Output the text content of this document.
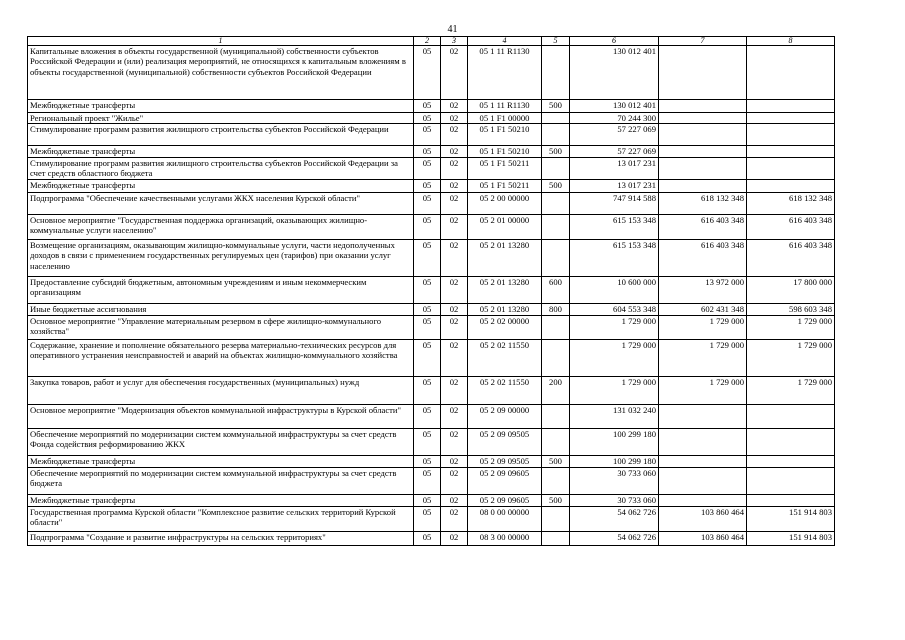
41
1	2	3	4	5	6	7	8
Капитальные вложения в объекты государственной (муниципальной) собственности субъектов Российской Федерации и (или) реализация мероприятий, не относящихся к капитальным вложениям в объекты государственной (муниципальной) собственности субъектов Российской Федерации	05	02	05 1 11 R1130		130 012 401		
Межбюджетные трансферты	05	02	05 1 11 R1130	500	130 012 401		
Региональный проект "Жилье"	05	02	05 1 F1 00000		70 244 300		
Стимулирование программ развития жилищного строительства субъектов Российской Федерации	05	02	05 1 F1 50210		57 227 069		
Межбюджетные трансферты	05	02	05 1 F1 50210	500	57 227 069		
Стимулирование программ развития жилищного строительства субъектов Российской Федерации за счет средств областного бюджета	05	02	05 1 F1 50211		13 017 231		
Межбюджетные трансферты	05	02	05 1 F1 50211	500	13 017 231		
Подпрограмма "Обеспечение качественными услугами ЖКХ населения Курской области"	05	02	05 2 00 00000		747 914 588	618 132 348	618 132 348
Основное мероприятие "Государственная поддержка организаций, оказывающих жилищно-коммунальные услуги населению"	05	02	05 2 01 00000		615 153 348	616 403 348	616 403 348
Возмещение организациям, оказывающим жилищно-коммунальные услуги, части недополученных доходов в связи с применением государственных регулируемых цен (тарифов) при оказании услуг населению	05	02	05 2 01 13280		615 153 348	616 403 348	616 403 348
Предоставление субсидий бюджетным, автономным учреждениям и иным некоммерческим организациям	05	02	05 2 01 13280	600	10 600 000	13 972 000	17 800 000
Иные бюджетные ассигнования	05	02	05 2 01 13280	800	604 553 348	602 431 348	598 603 348
Основное мероприятие "Управление материальным резервом в сфере жилищно-коммунального хозяйства"	05	02	05 2 02 00000		1 729 000	1 729 000	1 729 000
Содержание, хранение и пополнение обязательного резерва материально-технических ресурсов для оперативного устранения неисправностей и аварий на объектах жилищно-коммунального хозяйства	05	02	05 2 02 11550		1 729 000	1 729 000	1 729 000
Закупка товаров, работ и услуг для обеспечения государственных (муниципальных) нужд	05	02	05 2 02 11550	200	1 729 000	1 729 000	1 729 000
Основное мероприятие "Модернизация объектов коммунальной инфраструктуры в Курской области"	05	02	05 2 09 00000		131 032 240		
Обеспечение мероприятий по модернизации систем коммунальной инфраструктуры за счет средств Фонда содействия реформированию ЖКХ	05	02	05 2 09 09505		100 299 180		
Межбюджетные трансферты	05	02	05 2 09 09505	500	100 299 180		
Обеспечение мероприятий по модернизации систем коммунальной инфраструктуры за счет средств бюджета	05	02	05 2 09 09605		30 733 060		
Межбюджетные трансферты	05	02	05 2 09 09605	500	30 733 060		
Государственная программа Курской области "Комплексное развитие сельских территорий Курской области"	05	02	08 0 00 00000		54 062 726	103 860 464	151 914 803
Подпрограмма "Создание и развитие инфраструктуры на сельских территориях"	05	02	08 3 00 00000		54 062 726	103 860 464	151 914 803
